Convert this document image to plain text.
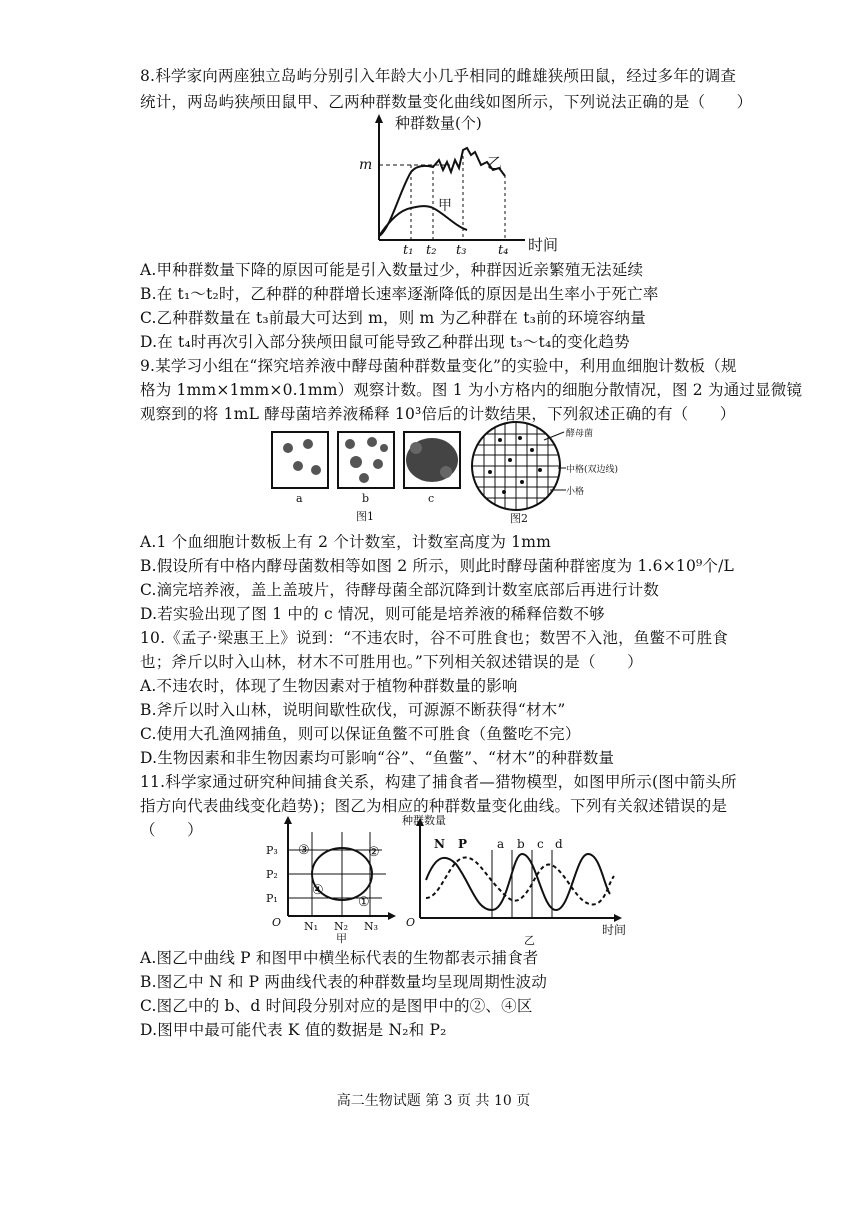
8.科学家向两座独立岛屿分别引入年龄大小几乎相同的雌雄狭颅田鼠，经过多年的调查
统计，两岛屿狭颅田鼠甲、乙两种群数量变化曲线如图所示，下列说法正确的是（　　）
种群数量(个)
m
甲
乙
t₁ t₂ t₃ t₄ 时间
A.甲种群数量下降的原因可能是引入数量过少，种群因近亲繁殖无法延续
B.在 t₁～t₂时，乙种群的种群增长速率逐渐降低的原因是出生率小于死亡率
C.乙种群数量在 t₃前最大可达到 m，则 m 为乙种群在 t₃前的环境容纳量
D.在 t₄时再次引入部分狭颅田鼠可能导致乙种群出现 t₃～t₄的变化趋势
9.某学习小组在“探究培养液中酵母菌种群数量变化”的实验中，利用血细胞计数板（规
格为 1mm×1mm×0.1mm）观察计数。图 1 为小方格内的细胞分散情况，图 2 为通过显微镜
观察到的将 1mL 酵母菌培养液稀释 10³倍后的计数结果，下列叙述正确的有（　　）
a	b	c
图1
酵母菌
中格(双边线)
小格
图2
A.1 个血细胞计数板上有 2 个计数室，计数室高度为 1mm
B.假设所有中格内酵母菌数相等如图 2 所示，则此时酵母菌种群密度为 1.6×10⁹个/L
C.滴完培养液，盖上盖玻片，待酵母菌全部沉降到计数室底部后再进行计数
D.若实验出现了图 1 中的 c 情况，则可能是培养液的稀释倍数不够
10.《孟子·梁惠王上》说到：“不违农时，谷不可胜食也；数罟不入池，鱼鳖不可胜食
也；斧斤以时入山林，材木不可胜用也。”下列相关叙述错误的是（　　）
A.不违农时，体现了生物因素对于植物种群数量的影响
B.斧斤以时入山林，说明间歇性砍伐，可源源不断获得“材木”
C.使用大孔渔网捕鱼，则可以保证鱼鳖不可胜食（鱼鳖吃不完）
D.生物因素和非生物因素均可影响“谷”、“鱼鳖”、“材木”的种群数量
11.科学家通过研究种间捕食关系，构建了捕食者—猎物模型，如图甲所示(图中箭头所
指方向代表曲线变化趋势)；图乙为相应的种群数量变化曲线。下列有关叙述错误的是
（　　）
P₃
P₂
P₁
O N₁ N₂ N₃
①
②
③
④
甲
种群数量
N P a b c d
O
时间
乙
A.图乙中曲线 P 和图甲中横坐标代表的生物都表示捕食者
B.图乙中 N 和 P 两曲线代表的种群数量均呈现周期性波动
C.图乙中的 b、d 时间段分别对应的是图甲中的②、④区
D.图甲中最可能代表 K 值的数据是 N₂和 P₂
高二生物试题 第 3 页 共 10 页
